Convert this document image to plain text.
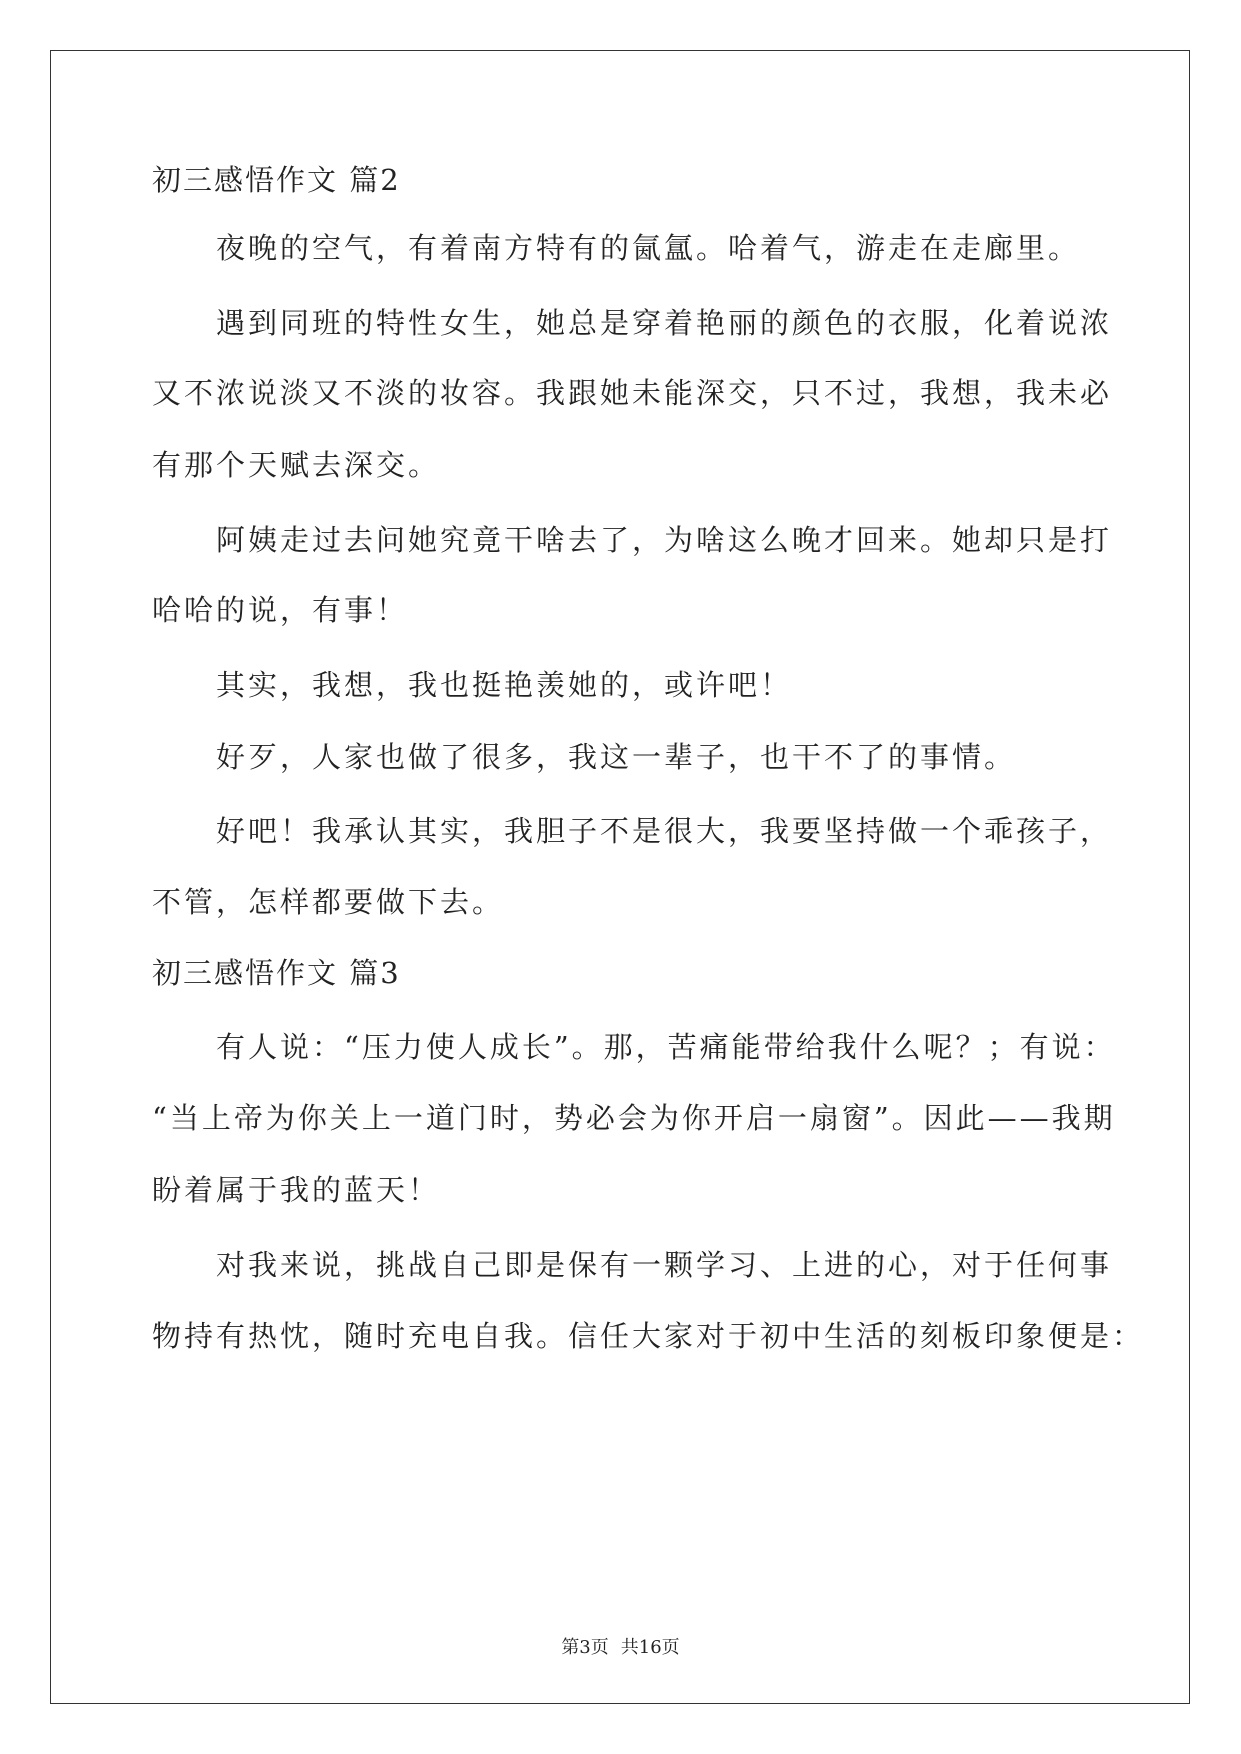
初三感悟作文 篇2
夜晚的空气，有着南方特有的氤氲。哈着气，游走在走廊里。
遇到同班的特性女生，她总是穿着艳丽的颜色的衣服，化着说浓
又不浓说淡又不淡的妆容。我跟她未能深交，只不过，我想，我未必
有那个天赋去深交。
阿姨走过去问她究竟干啥去了，为啥这么晚才回来。她却只是打
哈哈的说，有事！
其实，我想，我也挺艳羡她的，或许吧！
好歹，人家也做了很多，我这一辈子，也干不了的事情。
好吧！我承认其实，我胆子不是很大，我要坚持做一个乖孩子，
不管，怎样都要做下去。
初三感悟作文 篇3
有人说：“压力使人成长”。那，苦痛能带给我什么呢？；有说：
“当上帝为你关上一道门时，势必会为你开启一扇窗”。因此——我期
盼着属于我的蓝天！
对我来说，挑战自己即是保有一颗学习、上进的心，对于任何事
物持有热忱，随时充电自我。信任大家对于初中生活的刻板印象便是：
第3页 共16页
